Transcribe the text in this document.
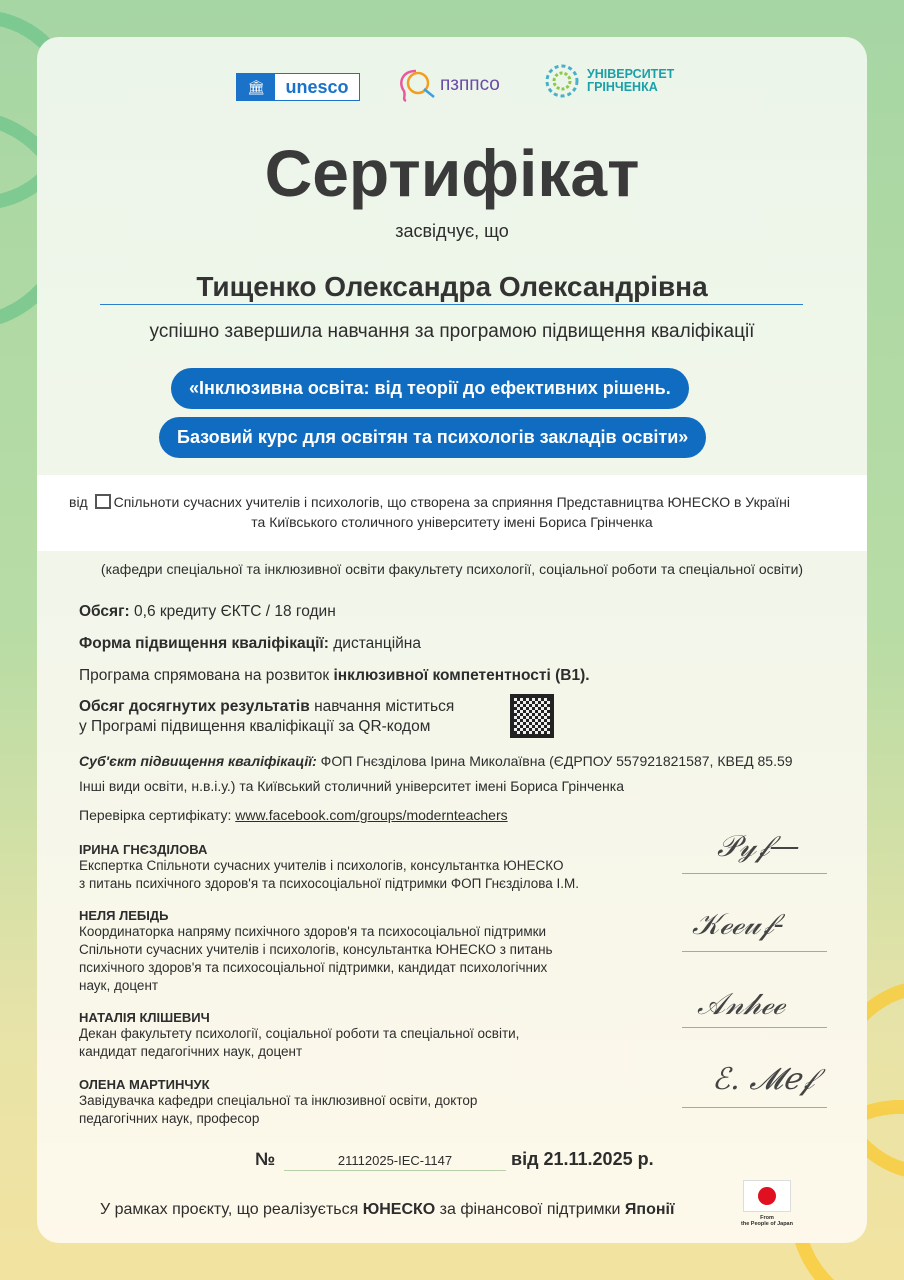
🏛	unesco	пзппсо	УНІВЕРСИТЕТ
ГРІНЧЕНКА
Сертифікат
засвідчує, що
Тищенко Олександра Олександрівна
успішно завершила навчання за програмою підвищення кваліфікації
«Інклюзивна освіта: від теорії до ефективних рішень.
Базовий курс для освітян та психологів закладів освіти»
від Спільноти сучасних учителів і психологів, що створена за сприяння Представництва ЮНЕСКО в Україні
та Київського столичного університету імені Бориса Грінченка
(кафедри спеціальної та інклюзивної освіти факультету психології, соціальної роботи та спеціальної освіти)
Обсяг: 0,6 кредиту ЄКТС / 18 годин
Форма підвищення кваліфікації: дистанційна
Програма спрямована на розвиток інклюзивної компетентності (В1).
Обсяг досягнутих результатів навчання міститься
у Програмі підвищення кваліфікації за QR-кодом
Суб'єкт підвищення кваліфікації: ФОП Гнєзділова Ірина Миколаївна (ЄДРПОУ 557921821587, КВЕД 85.59
Інші види освіти, н.в.і.у.) та Київський столичний університет імені Бориса Грінченка
Перевірка сертифікату: www.facebook.com/groups/modernteachers
ІРИНА ГНЄЗДІЛОВА
Експертка Спільноти сучасних учителів і психологів, консультантка ЮНЕСКО
з питань психічного здоров'я та психосоціальної підтримки ФОП Гнєзділова І.М.
НЕЛЯ ЛЕБІДЬ
Координаторка напряму психічного здоров'я та психосоціальної підтримки
Спільноти сучасних учителів і психологів, консультантка ЮНЕСКО з питань
психічного здоров'я та психосоціальної підтримки, кандидат психологічних
наук, доцент
НАТАЛІЯ КЛІШЕВИЧ
Декан факультету психології, соціальної роботи та спеціальної освіти,
кандидат педагогічних наук, доцент
ОЛЕНА МАРТИНЧУК
Завідувачка кафедри спеціальної та інклюзивної освіти, доктор
педагогічних наук, професор
𝒫𝓎𝒻—
𝒦ℯℯ𝓊𝒻-
𝒜𝓃𝒽ℯℯ
ℰ. 𝓜ℯ𝒻
№	21112025-IEC-1147	від 21.11.2025 р.
У рамках проєкту, що реалізується ЮНЕСКО за фінансової підтримки Японії	From
the People of Japan
